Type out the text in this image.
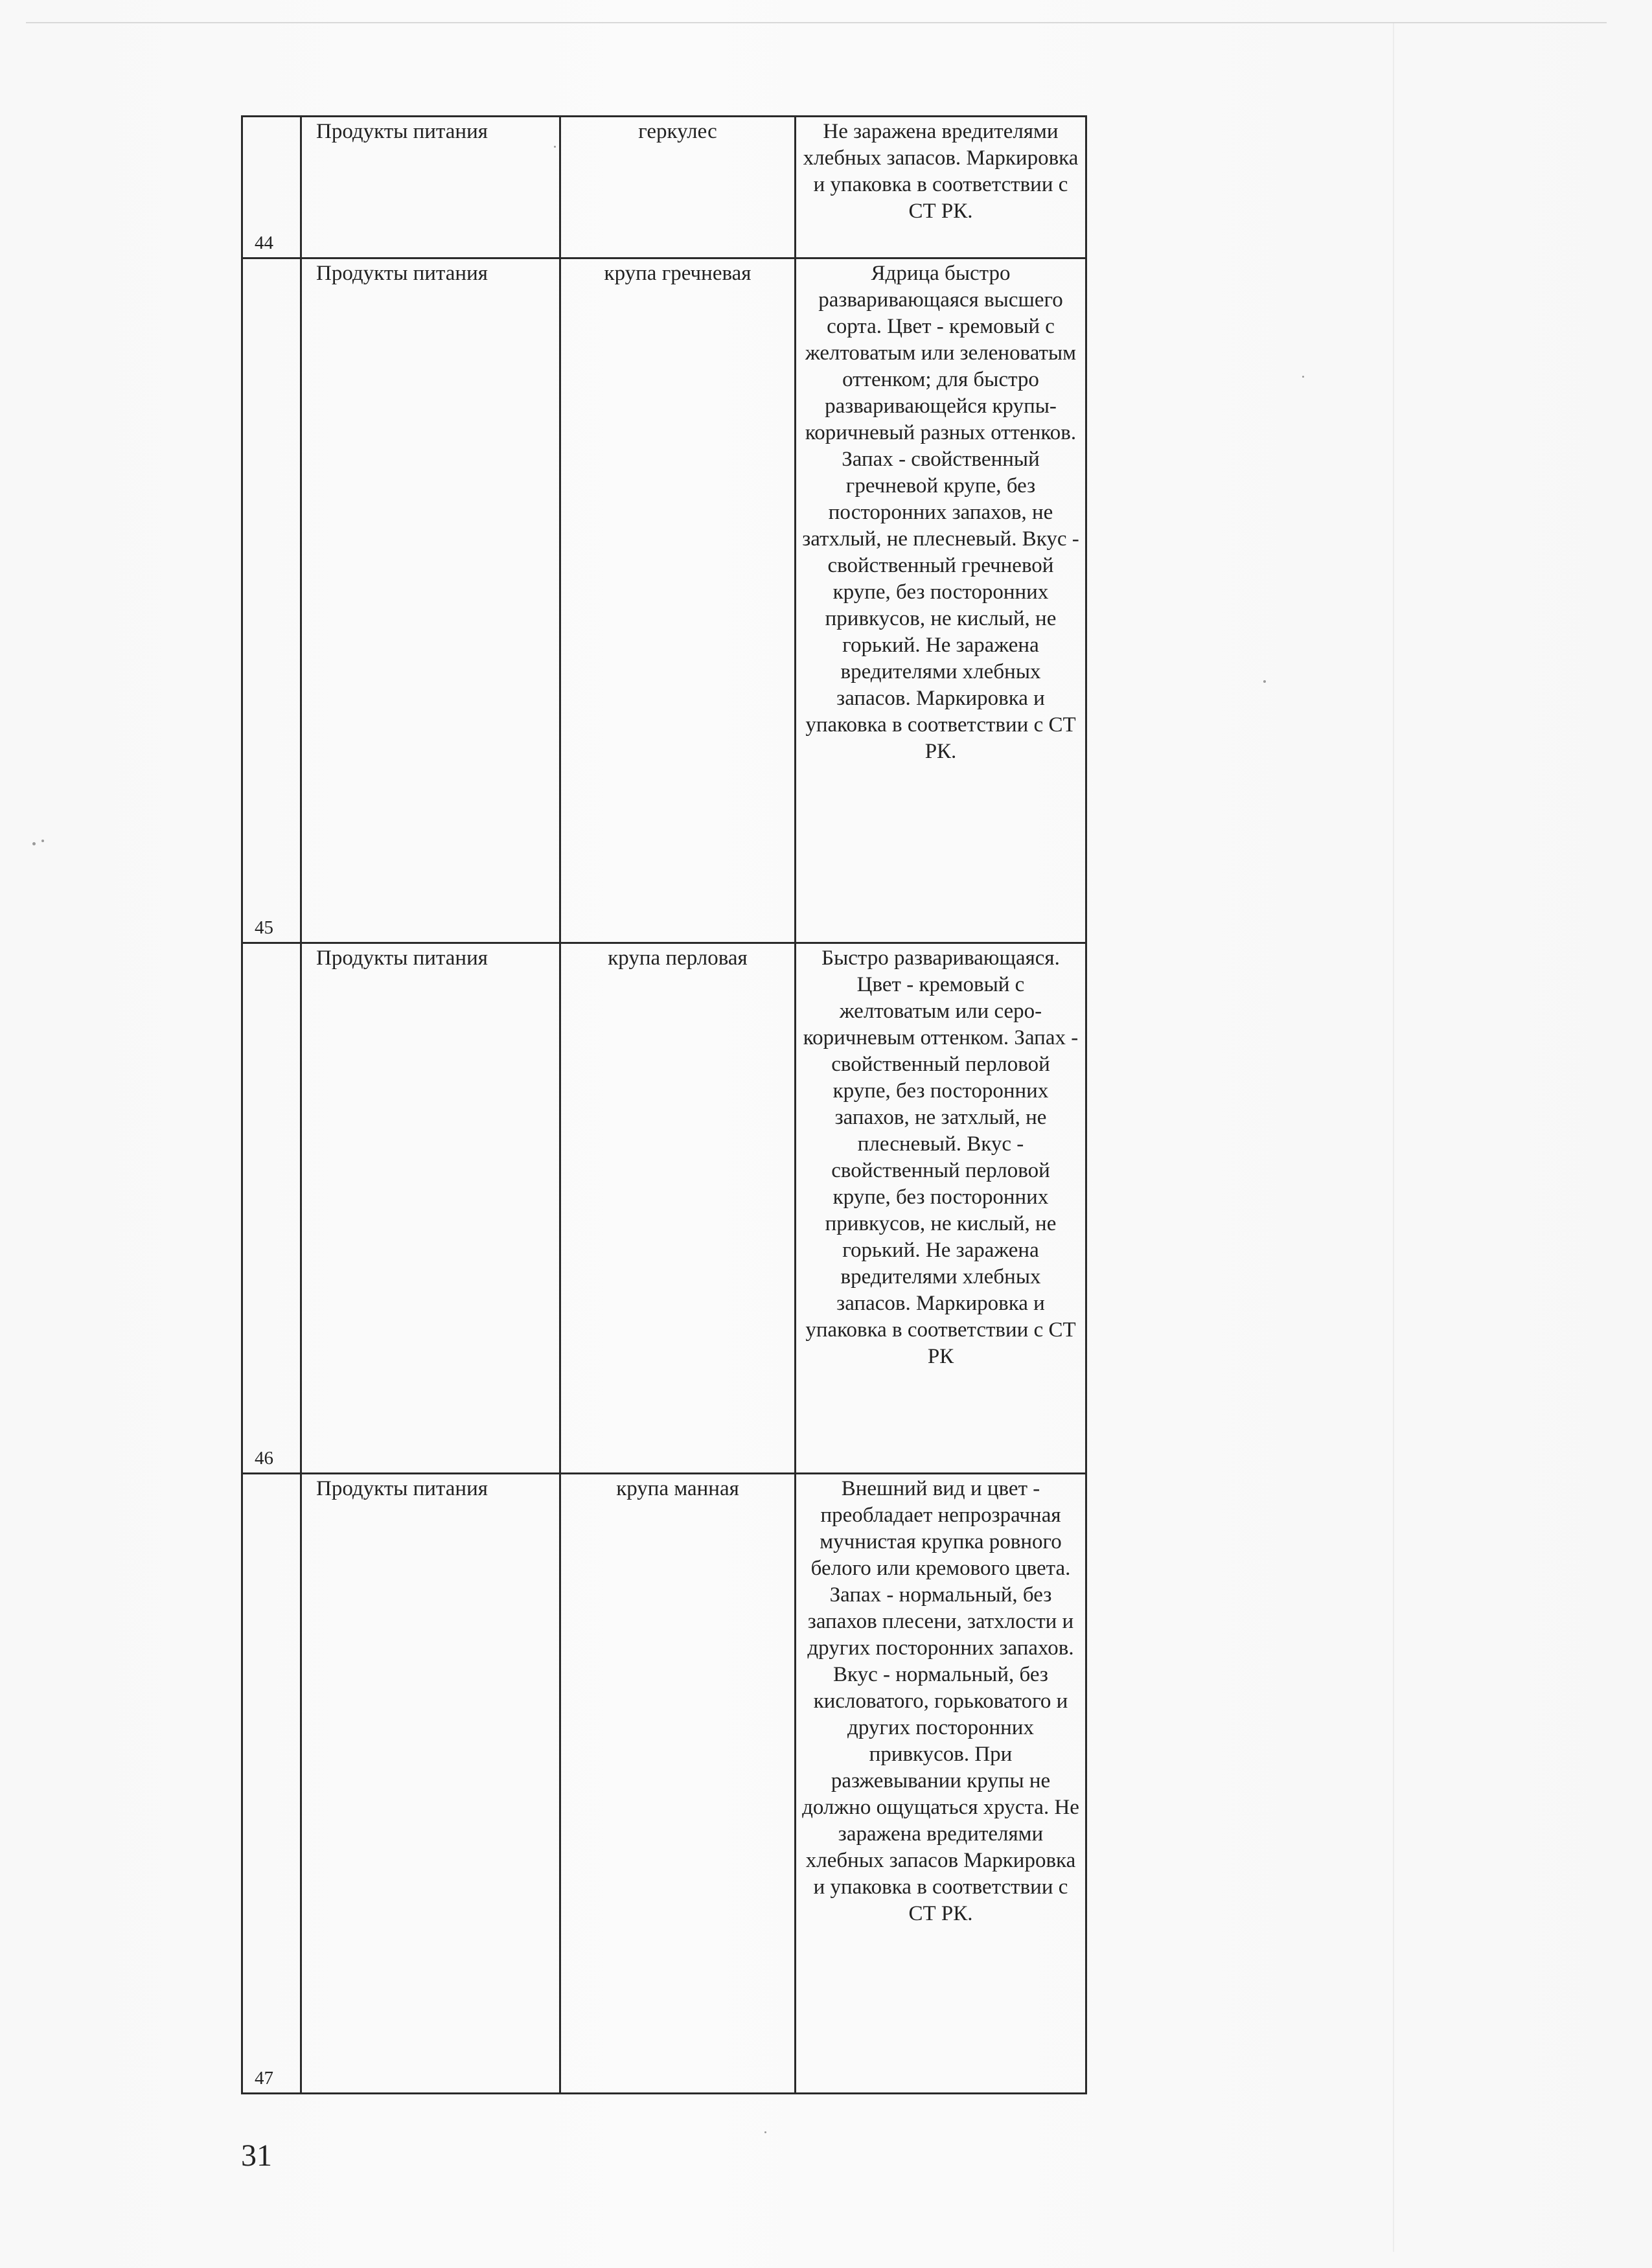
44	Продукты питания	геркулес	Не заражена вредителями хлебных запасов. Маркировка и упаковка в соответствии с СТ РК.

45	Продукты питания	крупа гречневая	Ядрица быстро разваривающаяся высшего сорта. Цвет - кремовый с желтоватым или зеленоватым оттенком; для быстро разваривающейся крупы- коричневый разных оттенков. Запах - свойственный гречневой крупе, без посторонних запахов, не затхлый, не плесневый. Вкус - свойственный гречневой крупе, без посторонних привкусов, не кислый, не горький. Не заражена вредителями хлебных запасов. Маркировка и упаковка в соответствии с СТ РК.

46	Продукты питания	крупа перловая	Быстро разваривающаяся. Цвет - кремовый с желтоватым или серо-коричневым оттенком. Запах - свойственный перловой крупе, без посторонних запахов, не затхлый, не плесневый. Вкус - свойственный перловой крупе, без посторонних привкусов, не кислый, не горький. Не заражена вредителями хлебных запасов. Маркировка и упаковка в соответствии с СТ РК

47	Продукты питания	крупа манная	Внешний вид и цвет - преобладает непрозрачная мучнистая крупка ровного белого или кремового цвета. Запах - нормальный, без запахов плесени, затхлости и других посторонних запахов. Вкус - нормальный, без кисловатого, горьковатого и других посторонних привкусов. При разжевывании крупы не должно ощущаться хруста. Не заражена вредителями хлебных запасов Маркировка и упаковка в соответствии с СТ РК.
31
